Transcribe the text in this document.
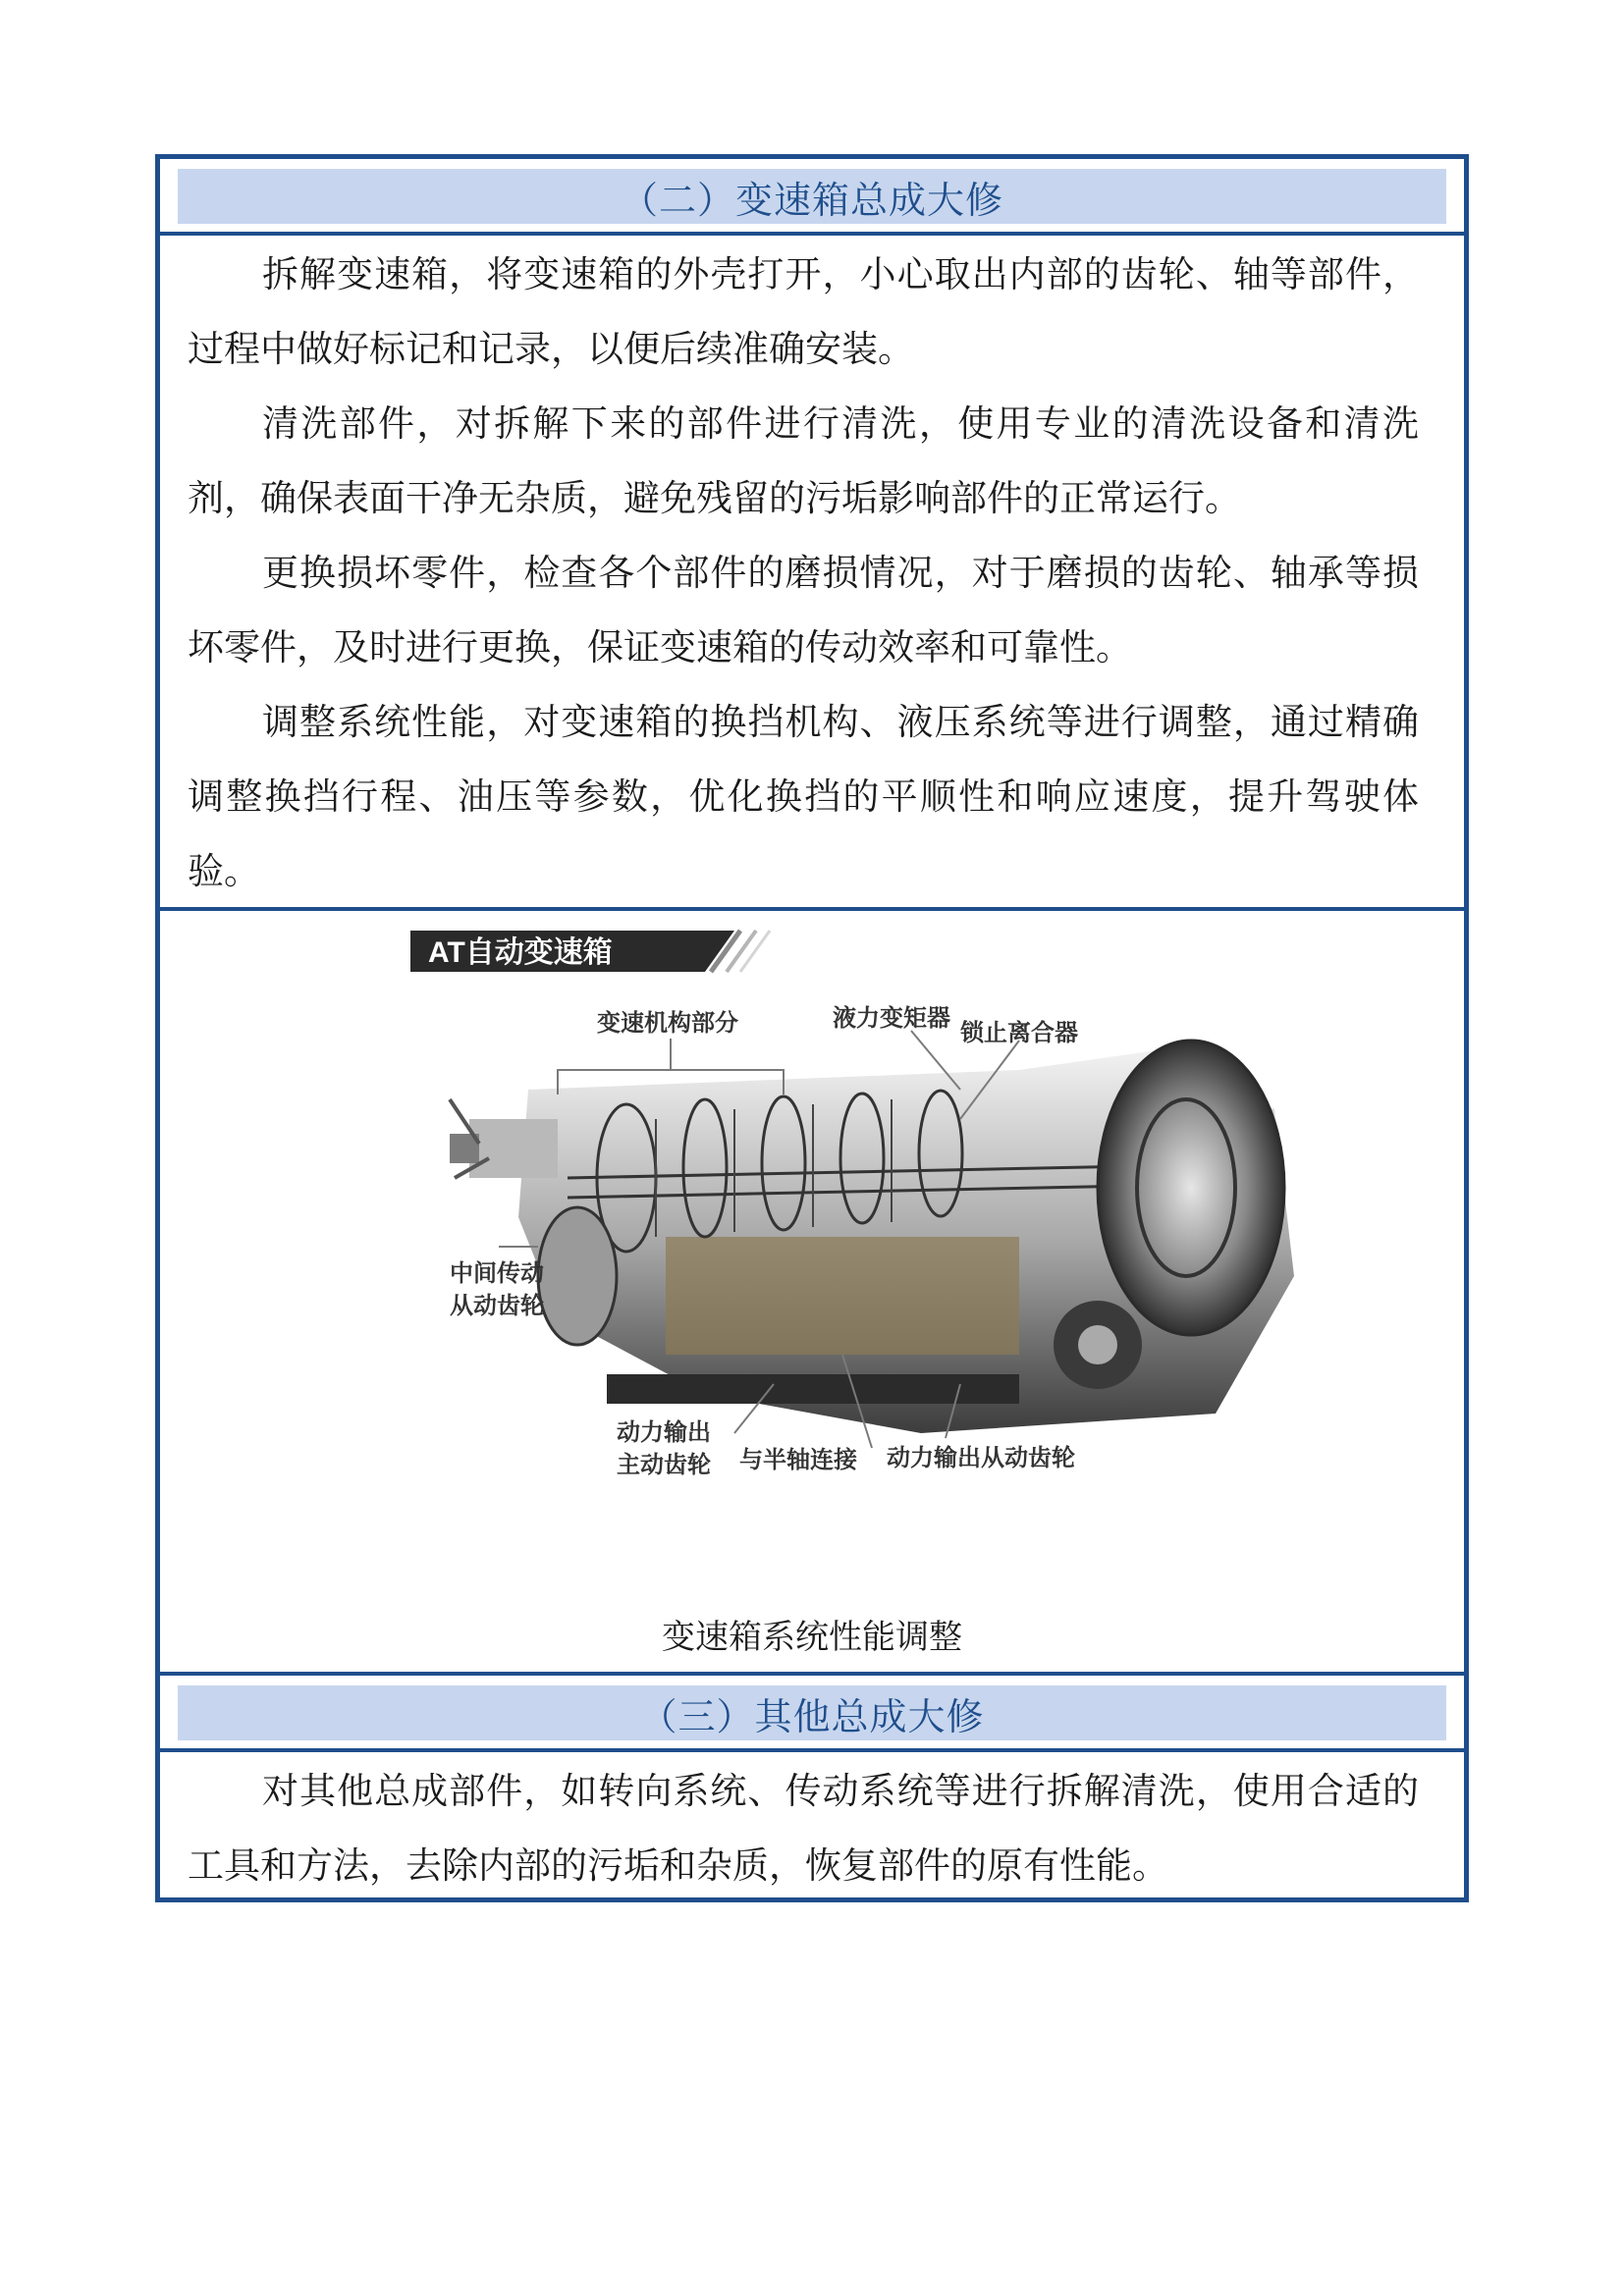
（二）变速箱总成大修

拆解变速箱，将变速箱的外壳打开，小心取出内部的齿轮、轴等部件，过程中做好标记和记录，以便后续准确安装。

清洗部件，对拆解下来的部件进行清洗，使用专业的清洗设备和清洗剂，确保表面干净无杂质，避免残留的污垢影响部件的正常运行。

更换损坏零件，检查各个部件的磨损情况，对于磨损的齿轮、轴承等损坏零件，及时进行更换，保证变速箱的传动效率和可靠性。

调整系统性能，对变速箱的换挡机构、液压系统等进行调整，通过精确调整换挡行程、油压等参数，优化换挡的平顺性和响应速度，提升驾驶体验。

AT自动变速箱
变速机构部分	液力变矩器
锁止离合器
中间传动
从动齿轮
动力输出
主动齿轮 与半轴连接 动力输出从动齿轮
变速箱系统性能调整
（三）其他总成大修

对其他总成部件，如转向系统、传动系统等进行拆解清洗，使用合适的工具和方法，去除内部的污垢和杂质，恢复部件的原有性能。
